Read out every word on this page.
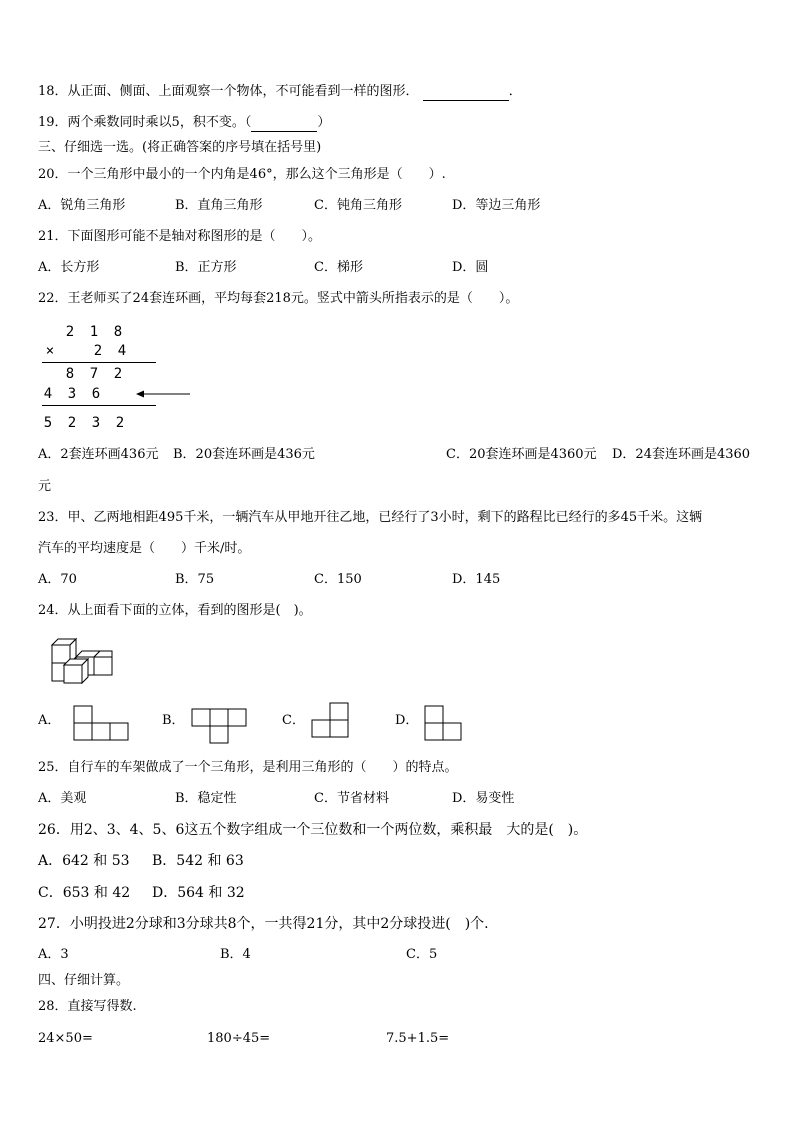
18．从正面、侧面、上面观察一个物体，不可能看到一样的图形．	．
19．两个乘数同时乘以5，积不变。（	）
三、仔细选一选。(将正确答案的序号填在括号里)
20．一个三角形中最小的一个内角是46°，那么这个三角形是（　　）.
A．锐角三角形	B．直角三角形	C．钝角三角形	D．等边三角形
21．下面图形可能不是轴对称图形的是（　　）。
A．长方形	B．正方形	C．梯形	D．圆
22．王老师买了24套连环画，平均每套218元。竖式中箭头所指表示的是（　　）。
2 1 8
×	2 4
8 7 2
4 3 6
5 2 3 2
A．2套连环画436元 B．20套连环画是436元	C．20套连环画是4360元 D．24套连环画是4360
元
23．甲、乙两地相距495千米，一辆汽车从甲地开往乙地，已经行了3小时，剩下的路程比已经行的多45千米。这辆
汽车的平均速度是（　　）千米/时。
A．70	B．75	C．150	D．145
24．从上面看下面的立体，看到的图形是(　)。
A．	B．	C．	D．
25．自行车的车架做成了一个三角形，是利用三角形的（　　）的特点。
A．美观	B．稳定性	C．节省材料	D．易变性
26．用2、3、4、5、6这五个数字组成一个三位数和一个两位数，乘积最　大的是(　)。
A．642 和 53 B．542 和 63
C．653 和 42 D．564 和 32
27．小明投进2分球和3分球共8个，一共得21分，其中2分球投进(　)个.
A．3	B．4	C．5
四、仔细计算。
28．直接写得数.
24×50=	180÷45=	7.5+1.5=
